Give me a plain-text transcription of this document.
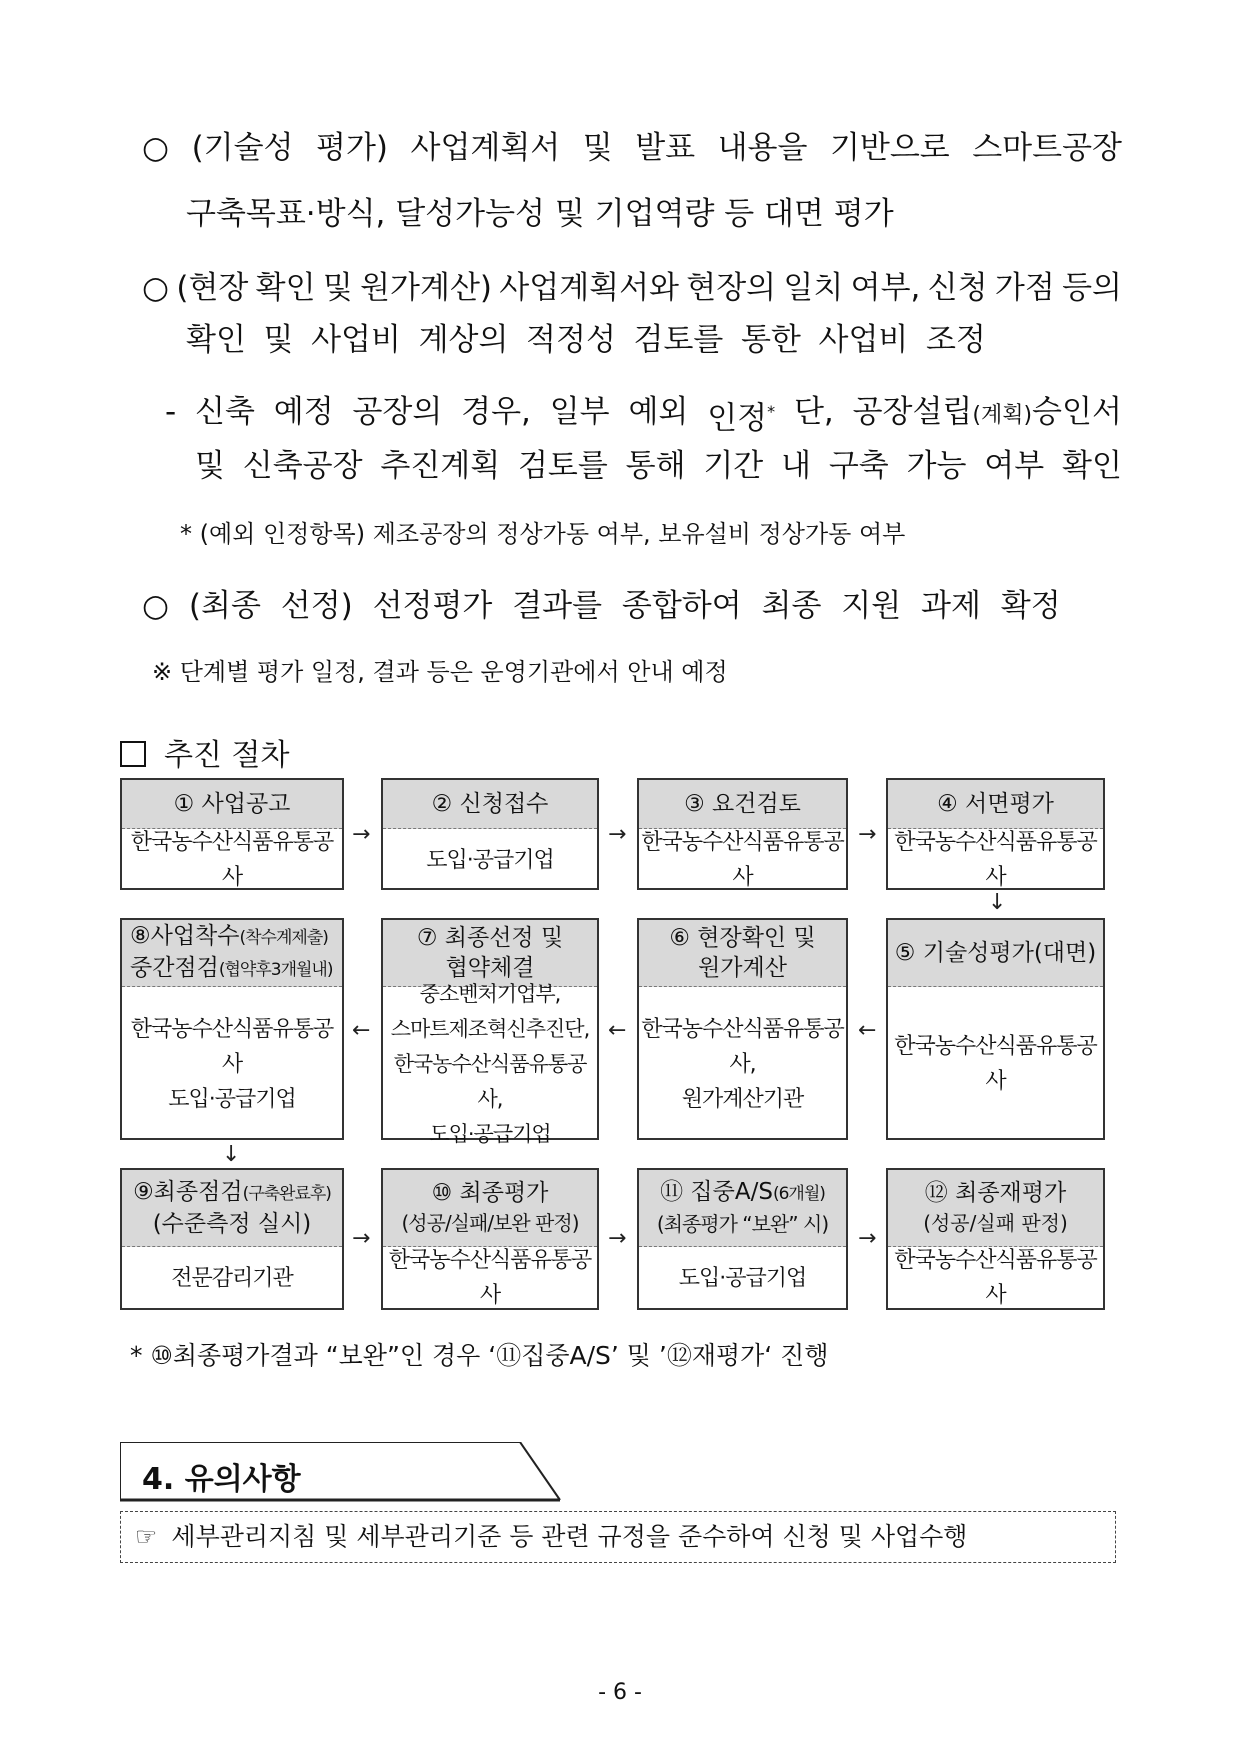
○ (기술성 평가) 사업계획서 및 발표 내용을 기반으로 스마트공장
구축목표·방식, 달성가능성 및 기업역량 등 대면 평가
○ (현장 확인 및 원가계산) 사업계획서와 현장의 일치 여부, 신청 가점 등의
확인 및 사업비 계상의 적정성 검토를 통한 사업비 조정
- 신축 예정 공장의 경우, 일부 예외 인정* 단, 공장설립(계획)승인서
및 신축공장 추진계획 검토를 통해 기간 내 구축 가능 여부 확인
* (예외 인정항목) 제조공장의 정상가동 여부, 보유설비 정상가동 여부
○ (최종 선정) 선정평가 결과를 종합하여 최종 지원 과제 확정
※ 단계별 평가 일정, 결과 등은 운영기관에서 안내 예정
추진 절차
① 사업공고
한국농수산식품유통공사
→
② 신청접수
도입·공급기업
→
③ 요건검토
한국농수산식품유통공사
→
④ 서면평가
한국농수산식품유통공사
↓
⑧사업착수(착수계제출)
중간점검(협약후3개월내)
한국농수산식품유통공사
도입·공급기업
←
⑦ 최종선정 및
협약체결
중소벤처기업부,
스마트제조혁신추진단,
한국농수산식품유통공사,
도입·공급기업
←
⑥ 현장확인 및
원가계산
한국농수산식품유통공사,
원가계산기관
←
⑤ 기술성평가(대면)
한국농수산식품유통공사
↓
⑨최종점검(구축완료후)
(수준측정 실시)
전문감리기관
→
⑩ 최종평가
(성공/실패/보완 판정)
한국농수산식품유통공사
→
⑪ 집중A/S(6개월)
(최종평가 “보완” 시)
도입·공급기업
→
⑫ 최종재평가
(성공/실패 판정)
한국농수산식품유통공사
* ⑩최종평가결과 “보완”인 경우 ‘⑪집중A/S’ 및 ’⑫재평가‘ 진행
4. 유의사항
☞ 세부관리지침 및 세부관리기준 등 관련 규정을 준수하여 신청 및 사업수행
- 6 -
